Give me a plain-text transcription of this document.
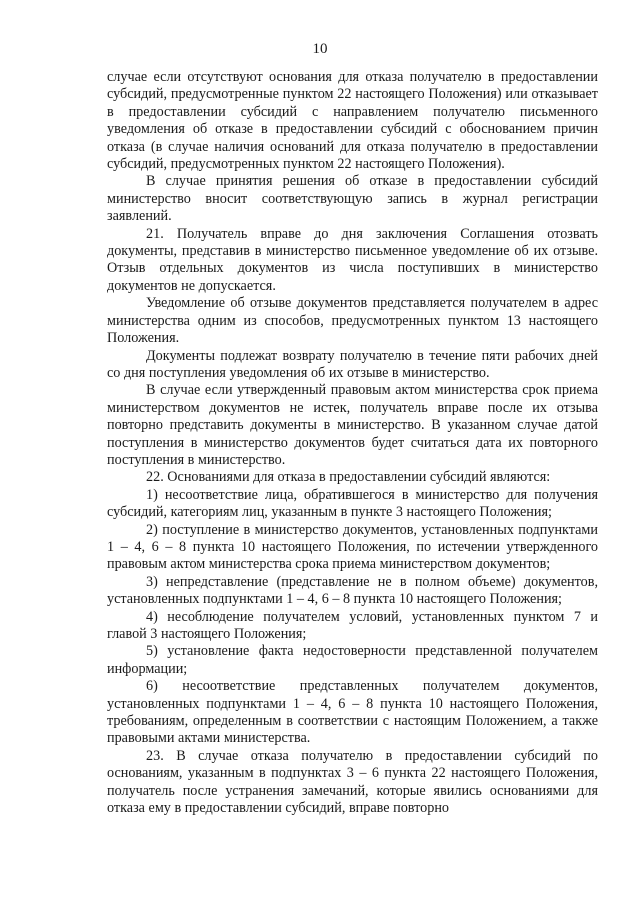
10

случае если отсутствуют основания для отказа получателю в предоставлении субсидий, предусмотренные пунктом 22 настоящего Положения) или отказывает в предоставлении субсидий с направлением получателю письменного уведомления об отказе в предоставлении субсидий с обоснованием причин отказа (в случае наличия оснований для отказа получателю в предоставлении субсидий, предусмотренных пунктом 22 настоящего Положения).

В случае принятия решения об отказе в предоставлении субсидий министерство вносит соответствующую запись в журнал регистрации заявлений.

21. Получатель вправе до дня заключения Соглашения отозвать документы, представив в министерство письменное уведомление об их отзыве. Отзыв отдельных документов из числа поступивших в министерство документов не допускается.

Уведомление об отзыве документов представляется получателем в адрес министерства одним из способов, предусмотренных пунктом 13 настоящего Положения.

Документы подлежат возврату получателю в течение пяти рабочих дней со дня поступления уведомления об их отзыве в министерство.

В случае если утвержденный правовым актом министерства срок приема министерством документов не истек, получатель вправе после их отзыва повторно представить документы в министерство. В указанном случае датой поступления в министерство документов будет считаться дата их повторного поступления в министерство.

22. Основаниями для отказа в предоставлении субсидий являются:

1) несоответствие лица, обратившегося в министерство для получения субсидий, категориям лиц, указанным в пункте 3 настоящего Положения;

2) поступление в министерство документов, установленных подпунктами 1 – 4, 6 – 8 пункта 10 настоящего Положения, по истечении утвержденного правовым актом министерства срока приема министерством документов;

3) непредставление (представление не в полном объеме) документов, установленных подпунктами 1 – 4, 6 – 8 пункта 10 настоящего Положения;

4) несоблюдение получателем условий, установленных пунктом 7 и главой 3 настоящего Положения;

5) установление факта недостоверности представленной получателем информации;

6) несоответствие представленных получателем документов, установленных подпунктами 1 – 4, 6 – 8 пункта 10 настоящего Положения, требованиям, определенным в соответствии с настоящим Положением, а также правовыми актами министерства.

23. В случае отказа получателю в предоставлении субсидий по основаниям, указанным в подпунктах 3 – 6 пункта 22 настоящего Положения, получатель после устранения замечаний, которые явились основаниями для отказа ему в предоставлении субсидий, вправе повторно
